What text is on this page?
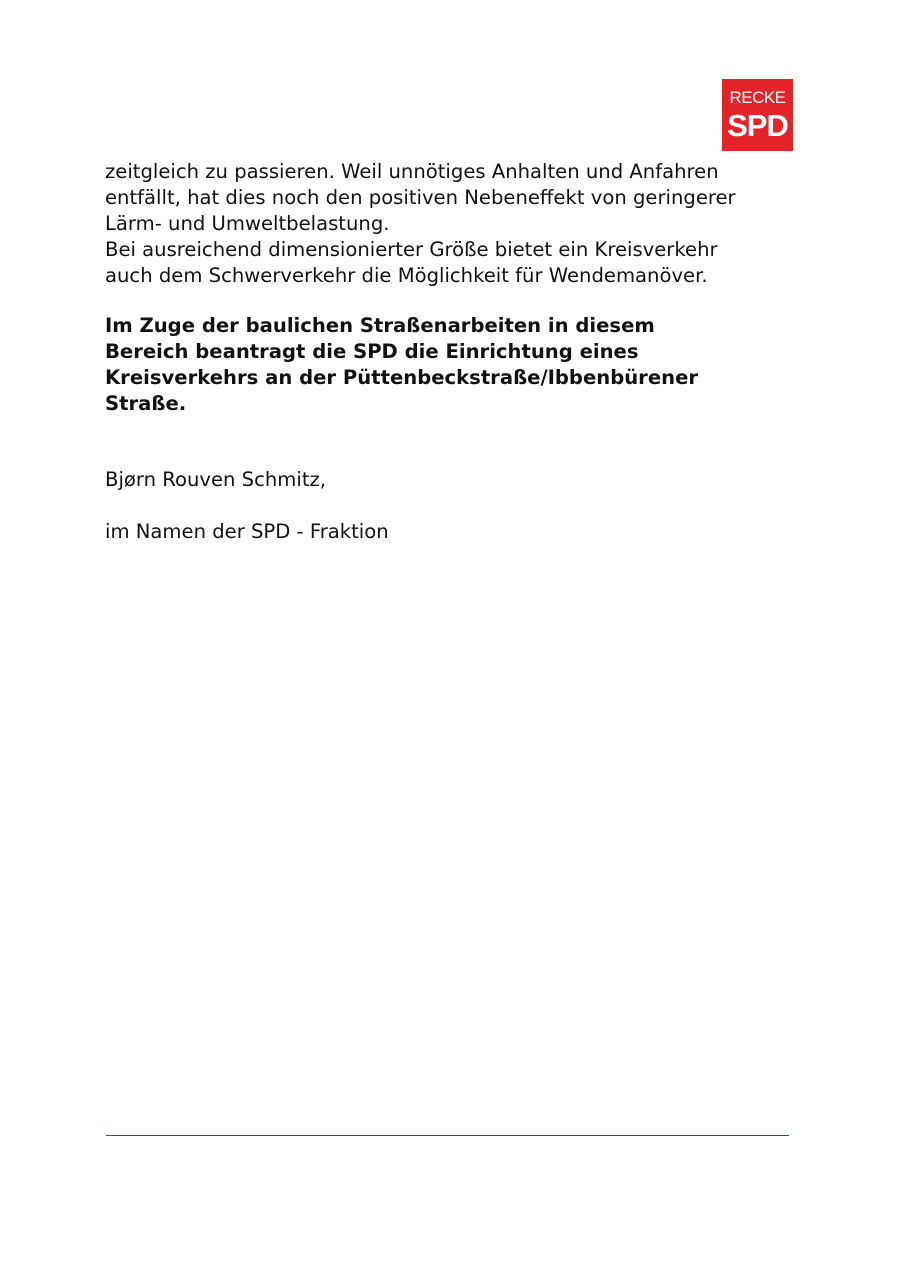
RECKE
SPD
zeitgleich zu passieren. Weil unnötiges Anhalten und Anfahren
entfällt, hat dies noch den positiven Nebeneffekt von geringerer
Lärm- und Umweltbelastung.
Bei ausreichend dimensionierter Größe bietet ein Kreisverkehr
auch dem Schwerverkehr die Möglichkeit für Wendemanöver.
Im Zuge der baulichen Straßenarbeiten in diesem
Bereich beantragt die SPD die Einrichtung eines
Kreisverkehrs an der Püttenbeckstraße/Ibbenbürener
Straße.
Bjørn Rouven Schmitz,
im Namen der SPD - Fraktion
